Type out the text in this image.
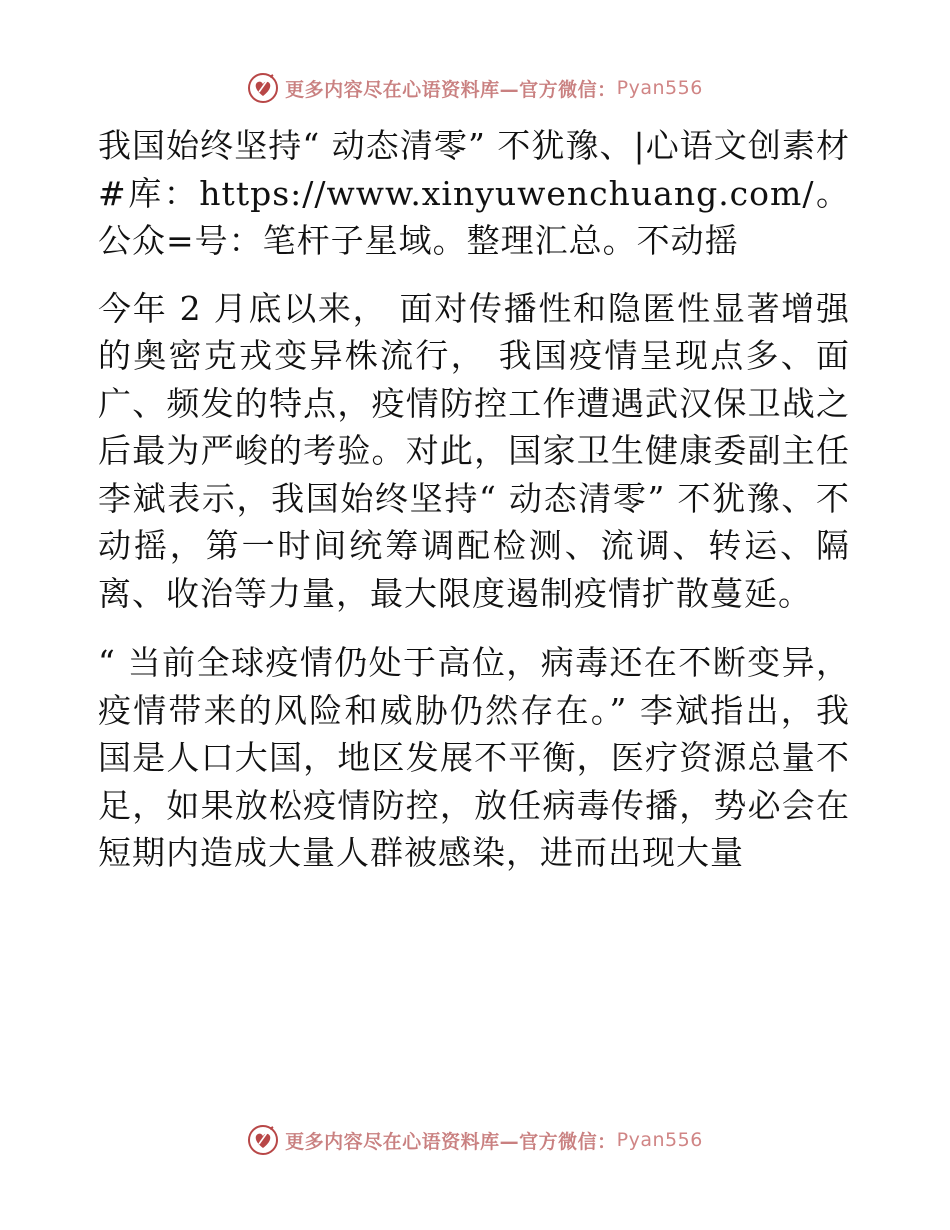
更多内容尽在心语资料库—官方微信： Pyan556

我国始终坚持“ 动态清零” 不犹豫、|心语文创素材#库：https://www.xinyuwenchuang.com/。公众=号：笔杆子星域。整理汇总。不动摇

今年 2 月底以来， 面对传播性和隐匿性显著增强的奥密克戎变异株流行， 我国疫情呈现点多、面广、频发的特点，疫情防控工作遭遇武汉保卫战之后最为严峻的考验。对此，国家卫生健康委副主任李斌表示，我国始终坚持“ 动态清零” 不犹豫、不动摇，第一时间统筹调配检测、流调、转运、隔离、收治等力量，最大限度遏制疫情扩散蔓延。

“ 当前全球疫情仍处于高位，病毒还在不断变异，疫情带来的风险和威胁仍然存在。” 李斌指出，我国是人口大国，地区发展不平衡，医疗资源总量不足，如果放松疫情防控，放任病毒传播，势必会在短期内造成大量人群被感染，进而出现大量

更多内容尽在心语资料库—官方微信： Pyan556
